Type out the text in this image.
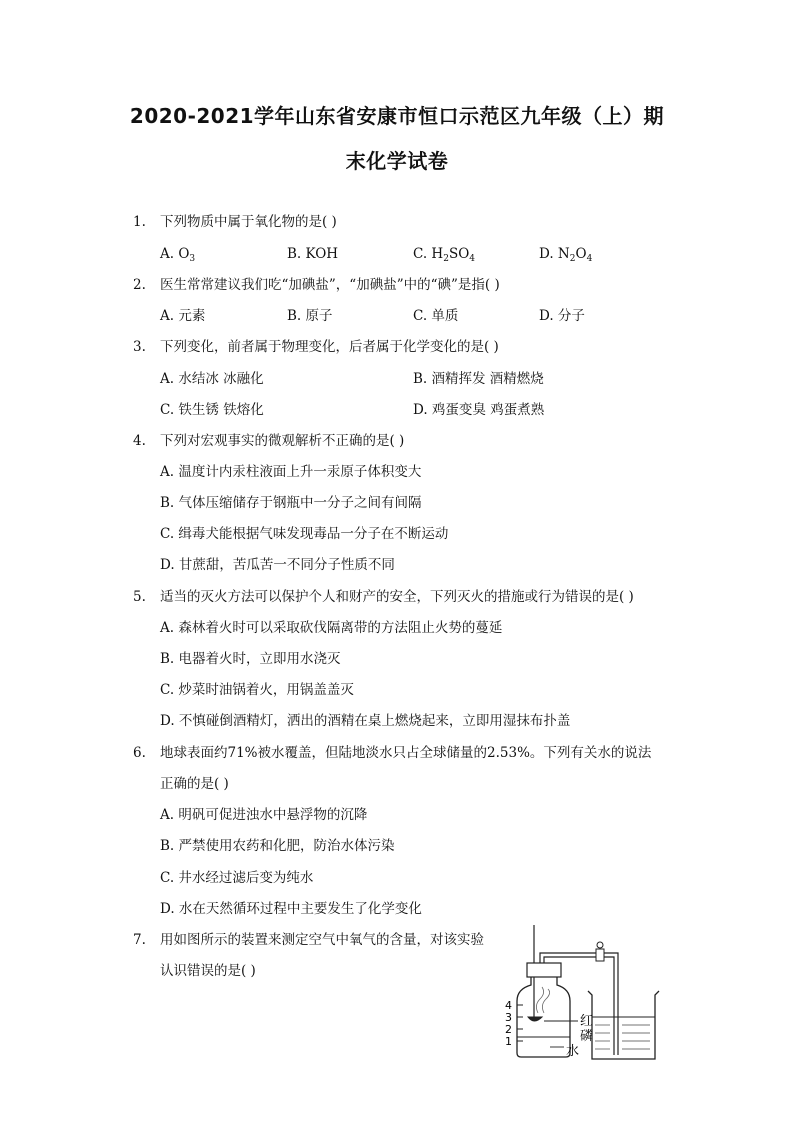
2020-2021学年山东省安康市恒口示范区九年级（上）期
末化学试卷
1. 下列物质中属于氧化物的是( )
A. $O_3$	B. KOH	C. $H_2SO_4$	D. $N_2O_4$
2. 医生常常建议我们吃“加碘盐”，“加碘盐”中的“碘”是指( )
A. 元素	B. 原子	C. 单质	D. 分子
3. 下列变化，前者属于物理变化，后者属于化学变化的是( )
A. 水结冰 冰融化	B. 酒精挥发 酒精燃烧
C. 铁生锈 铁熔化	D. 鸡蛋变臭 鸡蛋煮熟
4. 下列对宏观事实的微观解析不正确的是( )
A. 温度计内汞柱液面上升一汞原子体积变大
B. 气体压缩储存于钢瓶中一分子之间有间隔
C. 缉毒犬能根据气味发现毒品一分子在不断运动
D. 甘蔗甜，苦瓜苦一不同分子性质不同
5. 适当的灭火方法可以保护个人和财产的安全，下列灭火的措施或行为错误的是( )
A. 森林着火时可以采取砍伐隔离带的方法阻止火势的蔓延
B. 电器着火时，立即用水浇灭
C. 炒菜时油锅着火，用锅盖盖灭
D. 不慎碰倒酒精灯，洒出的酒精在桌上燃烧起来，立即用湿抹布扑盖
6. 地球表面约71%被水覆盖，但陆地淡水只占全球储量的2.53%。下列有关水的说法
正确的是( )
A. 明矾可促进浊水中悬浮物的沉降
B. 严禁使用农药和化肥，防治水体污染
C. 井水经过滤后变为纯水
D. 水在天然循环过程中主要发生了化学变化
7. 用如图所示的装置来测定空气中氧气的含量，对该实验
认识错误的是( )
4
3
2
1
红
磷
水
